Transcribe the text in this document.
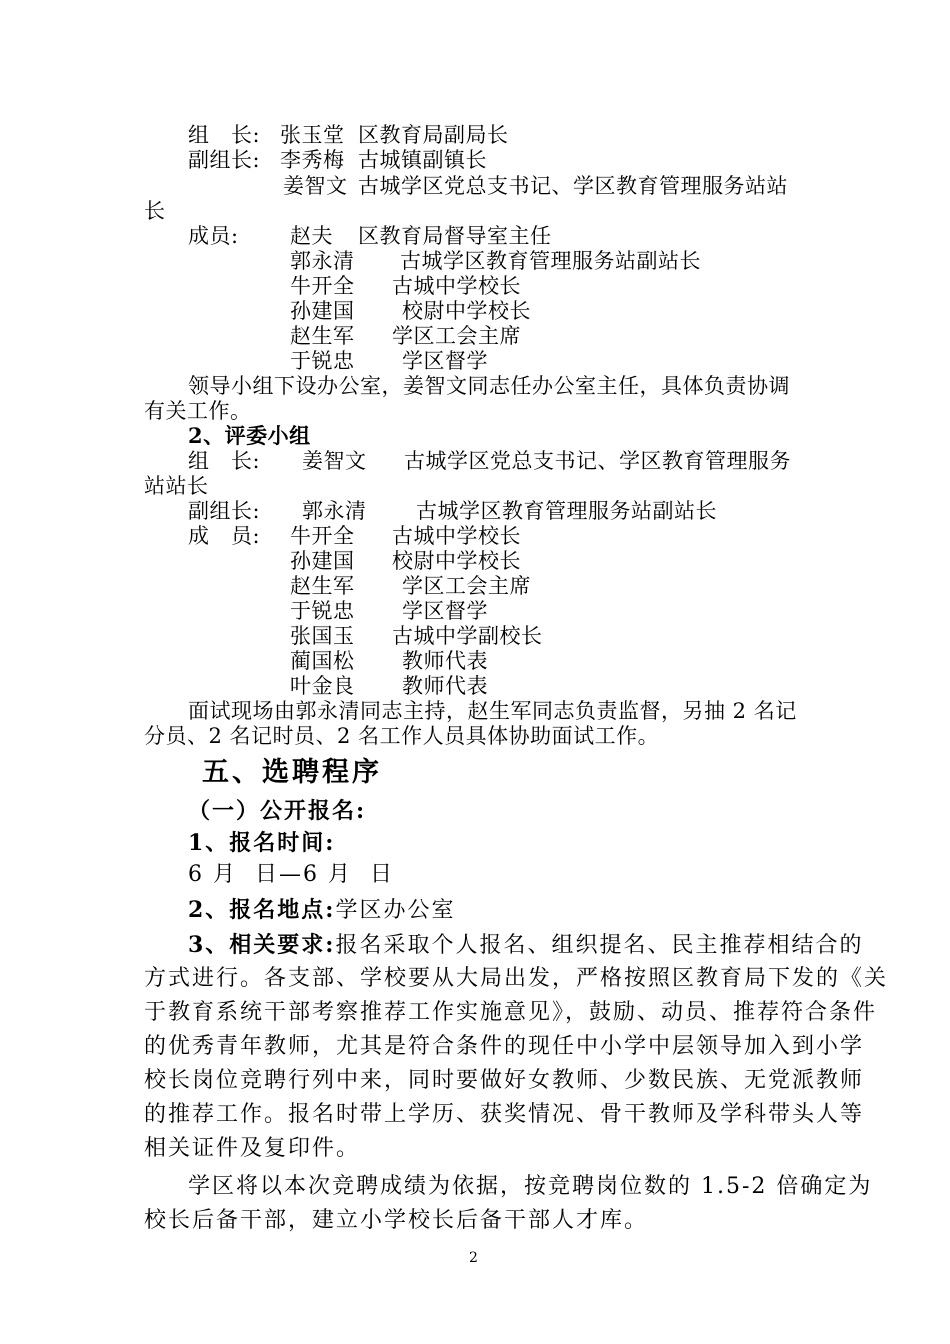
组　长: 张玉堂 区教育局副局长
副组长: 李秀梅 古城镇副镇长
姜智文 古城学区党总支书记、学区教育管理服务站站
长
成员: 赵夫 区教育局督导室主任
郭永清 古城学区教育管理服务站副站长
牛开全 古城中学校长
孙建国 校尉中学校长
赵生军 学区工会主席
于锐忠 学区督学
领导小组下设办公室，姜智文同志任办公室主任，具体负责协调
有关工作。
2、评委小组
组　长: 姜智文 古城学区党总支书记、学区教育管理服务
站站长
副组长: 郭永清 古城学区教育管理服务站副站长
成　员: 牛开全 古城中学校长
孙建国 校尉中学校长
赵生军 学区工会主席
于锐忠 学区督学
张国玉 古城中学副校长
蔺国松 教师代表
叶金良 教师代表
面试现场由郭永清同志主持，赵生军同志负责监督，另抽 2 名记
分员、2 名记时员、2 名工作人员具体协助面试工作。
五、选聘程序
（一）公开报名:
1、报名时间:
6 月  日—6 月  日
2、报名地点:学区办公室
3、相关要求:报名采取个人报名、组织提名、民主推荐相结合的
方式进行。各支部、学校要从大局出发，严格按照区教育局下发的《关
于教育系统干部考察推荐工作实施意见》，鼓励、动员、推荐符合条件
的优秀青年教师，尤其是符合条件的现任中小学中层领导加入到小学
校长岗位竞聘行列中来，同时要做好女教师、少数民族、无党派教师
的推荐工作。报名时带上学历、获奖情况、骨干教师及学科带头人等
相关证件及复印件。
学区将以本次竞聘成绩为依据，按竞聘岗位数的 1.5-2 倍确定为
校长后备干部，建立小学校长后备干部人才库。
2
